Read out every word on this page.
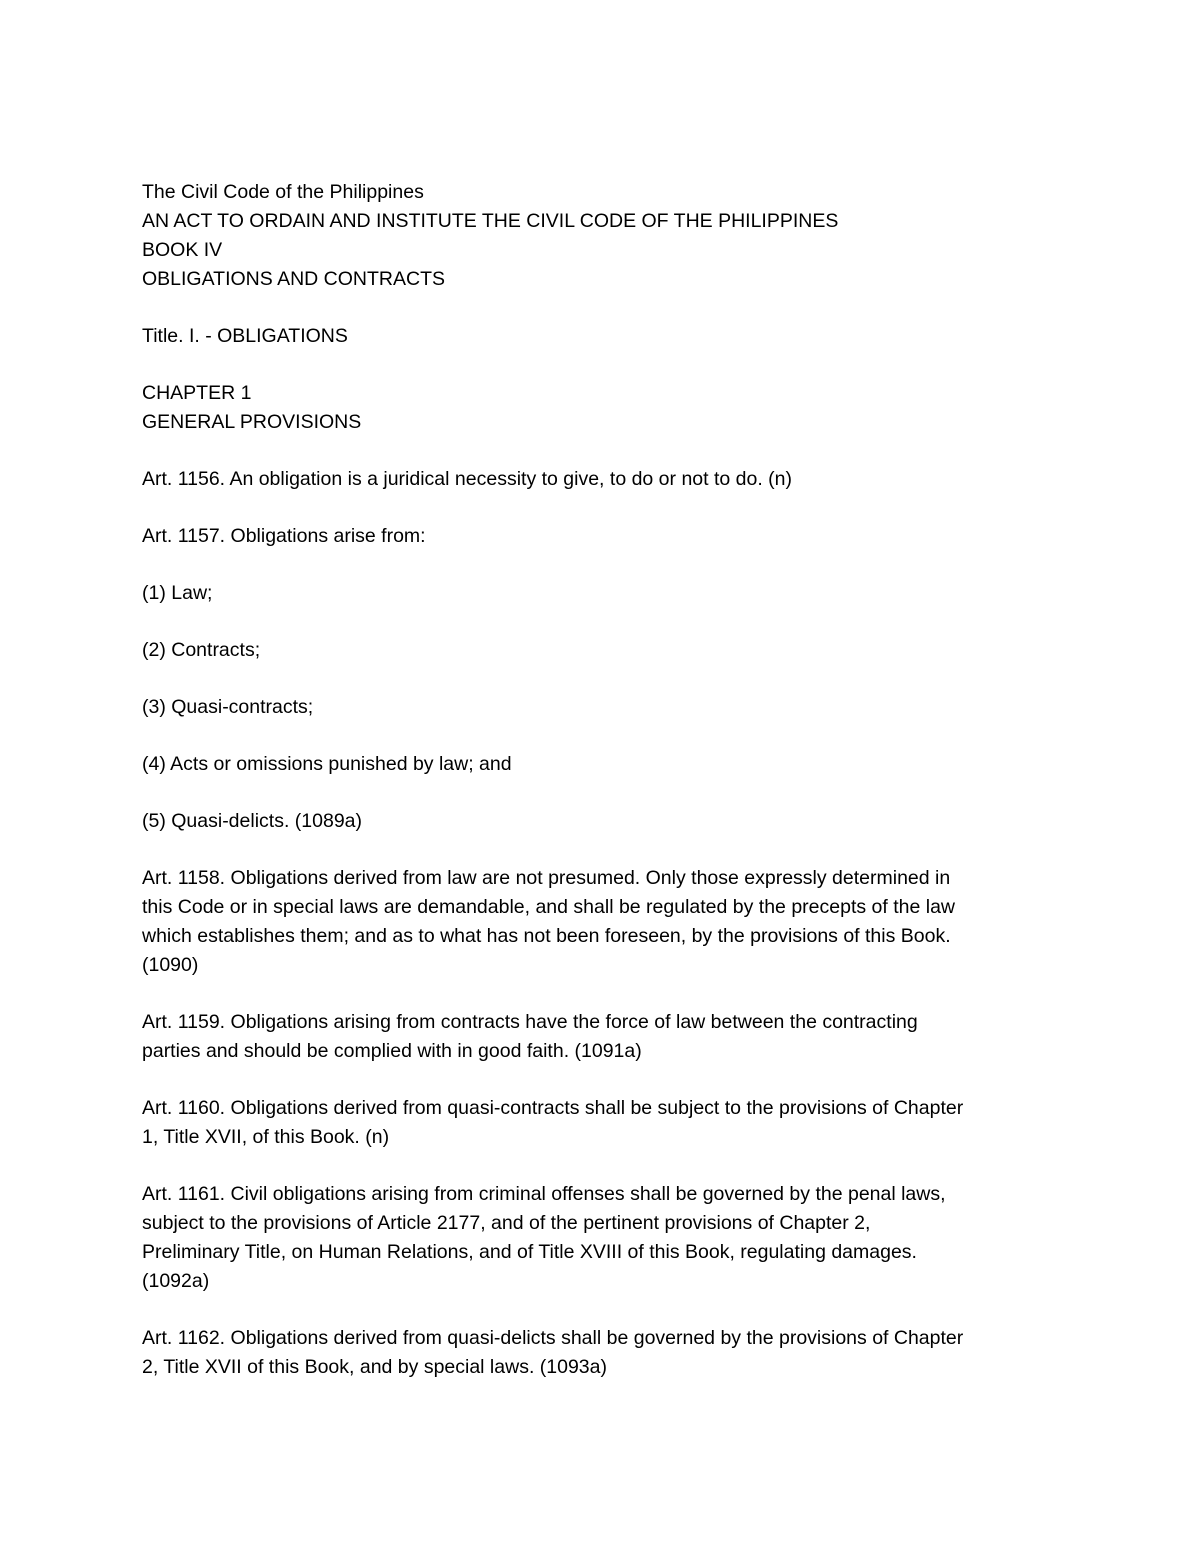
The Civil Code of the Philippines

AN ACT TO ORDAIN AND INSTITUTE THE CIVIL CODE OF THE PHILIPPINES

BOOK IV

OBLIGATIONS AND CONTRACTS

Title. I. - OBLIGATIONS

CHAPTER 1

GENERAL PROVISIONS

Art. 1156. An obligation is a juridical necessity to give, to do or not to do. (n)

Art. 1157. Obligations arise from:

(1) Law;

(2) Contracts;

(3) Quasi-contracts;

(4) Acts or omissions punished by law; and

(5) Quasi-delicts. (1089a)

Art. 1158. Obligations derived from law are not presumed. Only those expressly determined in

this Code or in special laws are demandable, and shall be regulated by the precepts of the law

which establishes them; and as to what has not been foreseen, by the provisions of this Book.

(1090)

Art. 1159. Obligations arising from contracts have the force of law between the contracting

parties and should be complied with in good faith. (1091a)

Art. 1160. Obligations derived from quasi-contracts shall be subject to the provisions of Chapter

1, Title XVII, of this Book. (n)

Art. 1161. Civil obligations arising from criminal offenses shall be governed by the penal laws,

subject to the provisions of Article 2177, and of the pertinent provisions of Chapter 2,

Preliminary Title, on Human Relations, and of Title XVIII of this Book, regulating damages.

(1092a)

Art. 1162. Obligations derived from quasi-delicts shall be governed by the provisions of Chapter

2, Title XVII of this Book, and by special laws. (1093a)
